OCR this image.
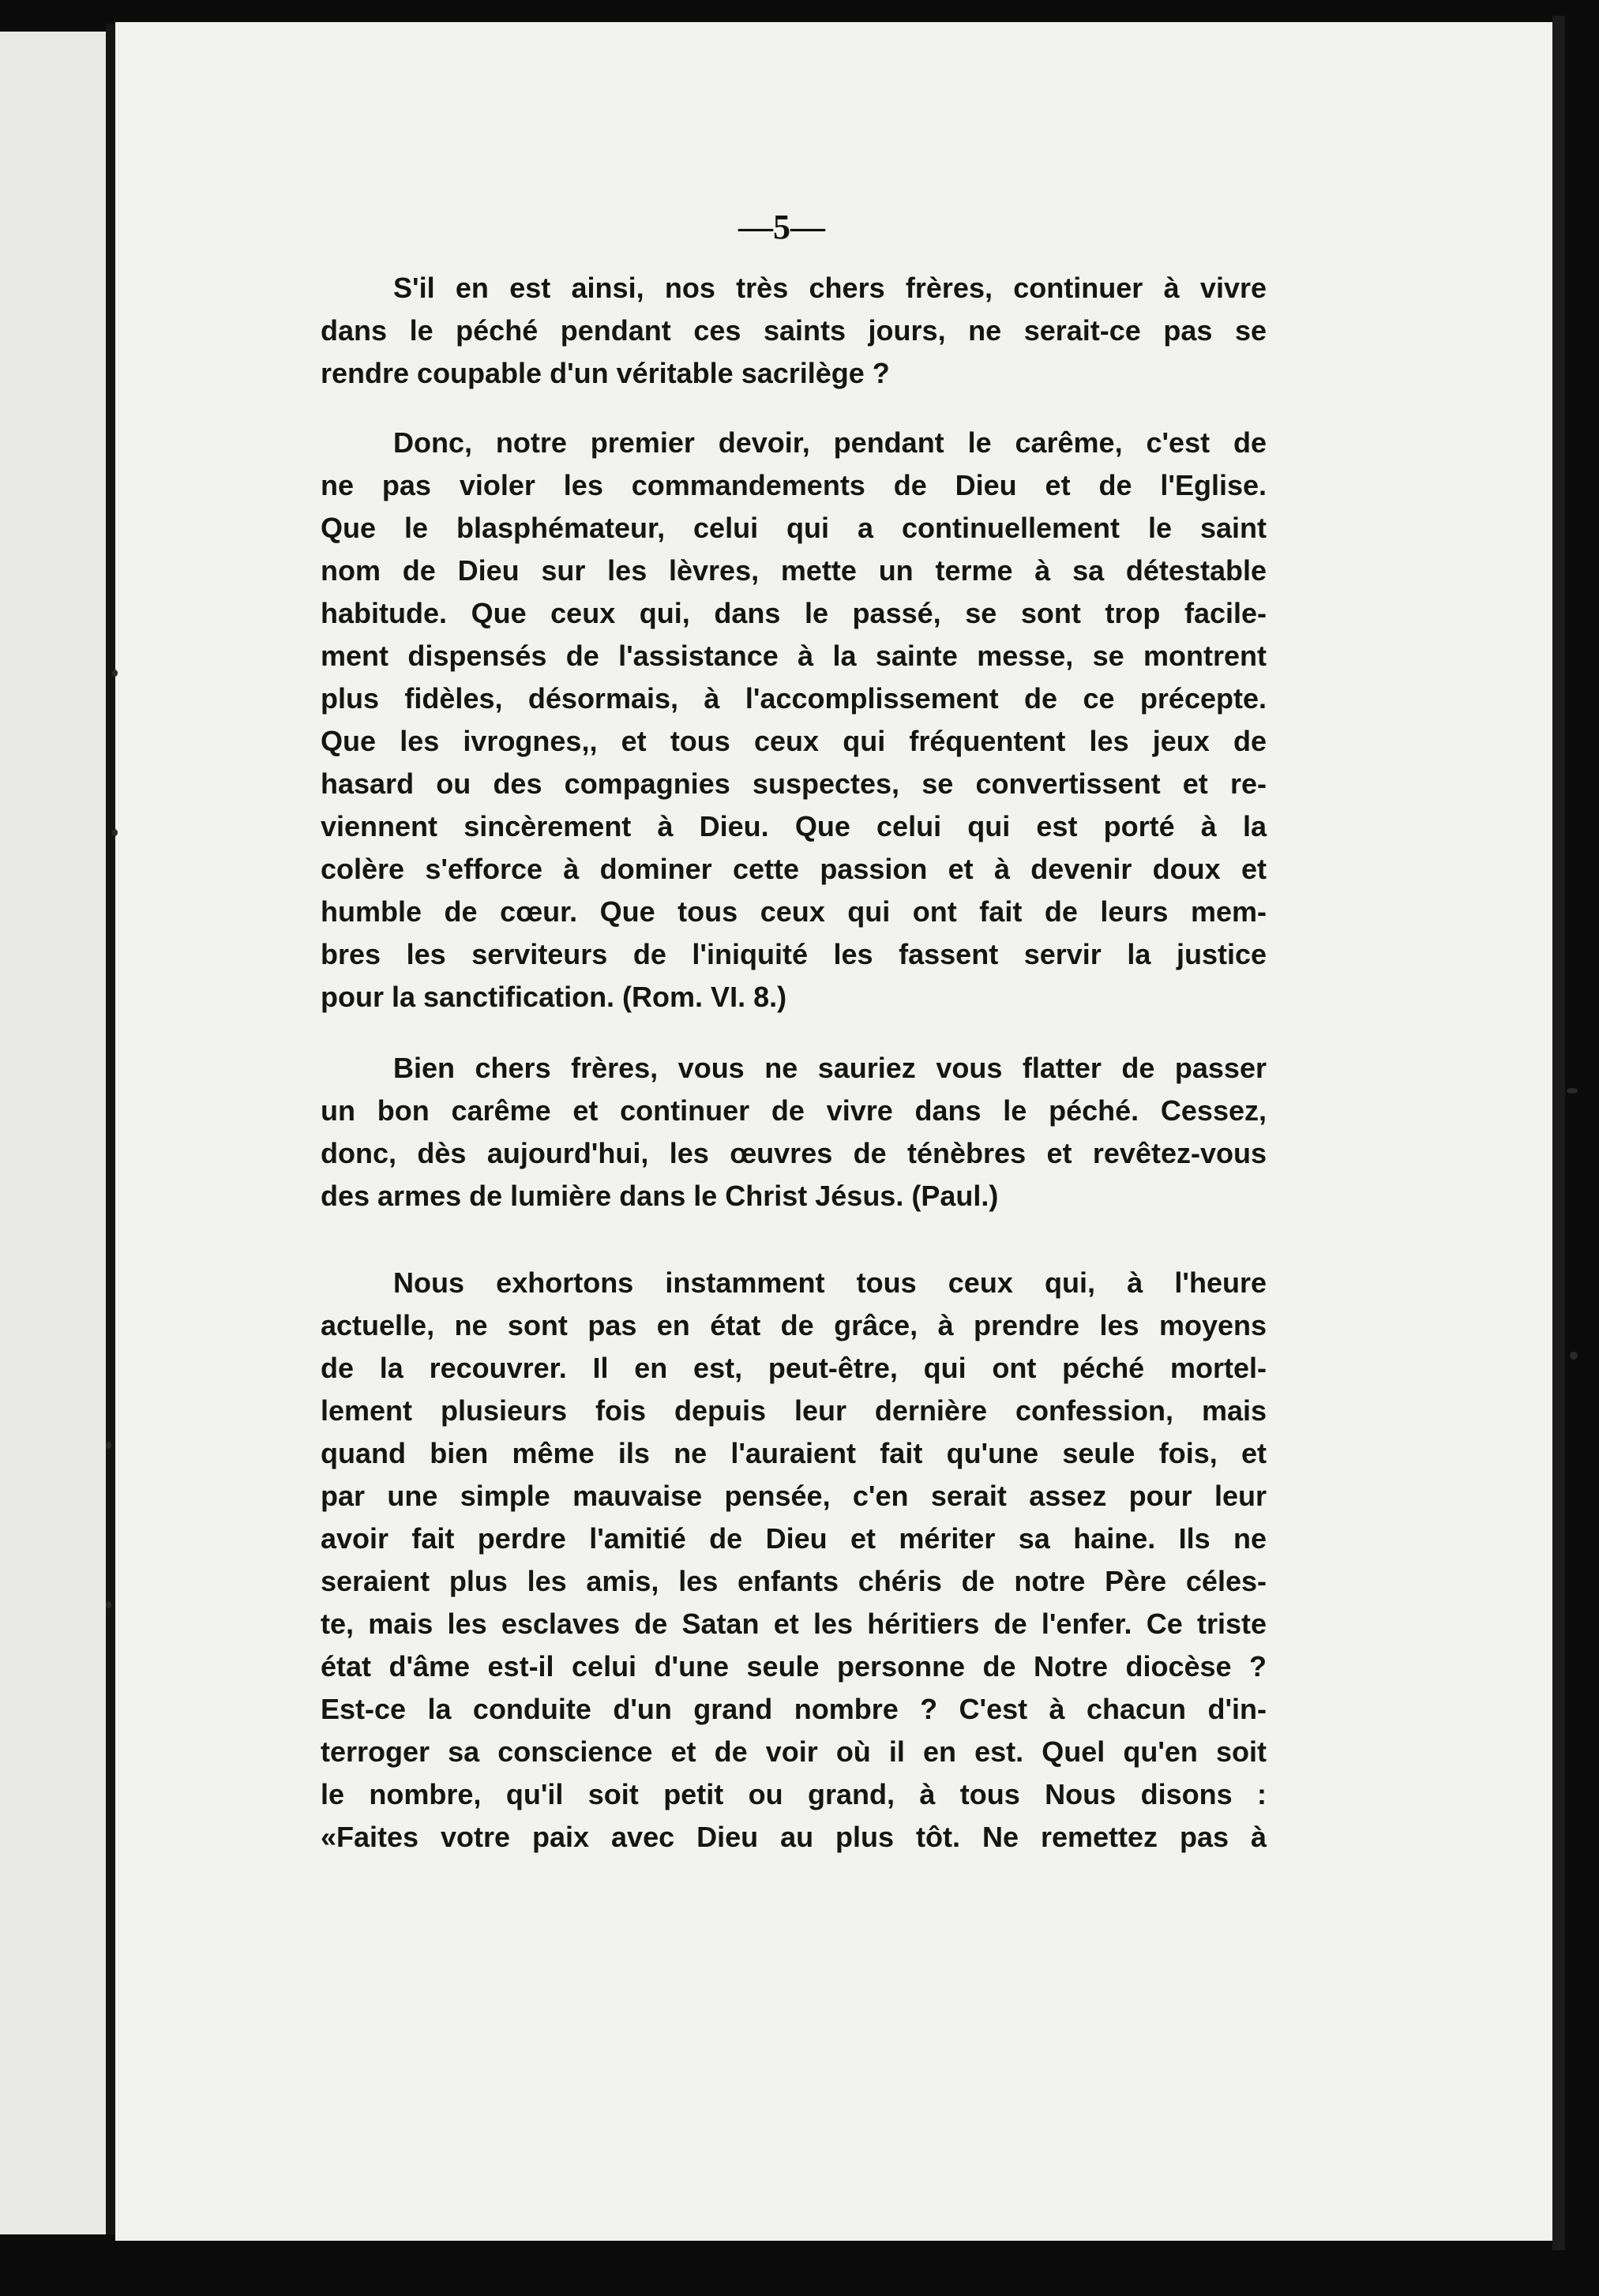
—5—

S'il en est ainsi, nos très chers frères, continuer à vivre
dans le péché pendant ces saints jours, ne serait-ce pas se
rendre coupable d'un véritable sacrilège ?
Donc, notre premier devoir, pendant le carême, c'est de
ne pas violer les commandements de Dieu et de l'Eglise.
Que le blasphémateur, celui qui a continuellement le saint
nom de Dieu sur les lèvres, mette un terme à sa détestable
habitude. Que ceux qui, dans le passé, se sont trop facile-
ment dispensés de l'assistance à la sainte messe, se montrent
plus fidèles, désormais, à l'accomplissement de ce précepte.
Que les ivrognes,, et tous ceux qui fréquentent les jeux de
hasard ou des compagnies suspectes, se convertissent et re-
viennent sincèrement à Dieu. Que celui qui est porté à la
colère s'efforce à dominer cette passion et à devenir doux et
humble de cœur. Que tous ceux qui ont fait de leurs mem-
bres les serviteurs de l'iniquité les fassent servir la justice
pour la sanctification. (Rom. VI. 8.)
Bien chers frères, vous ne sauriez vous flatter de passer
un bon carême et continuer de vivre dans le péché. Cessez,
donc, dès aujourd'hui, les œuvres de ténèbres et revêtez-vous
des armes de lumière dans le Christ Jésus. (Paul.)
Nous exhortons instamment tous ceux qui, à l'heure
actuelle, ne sont pas en état de grâce, à prendre les moyens
de la recouvrer. Il en est, peut-être, qui ont péché mortel-
lement plusieurs fois depuis leur dernière confession, mais
quand bien même ils ne l'auraient fait qu'une seule fois, et
par une simple mauvaise pensée, c'en serait assez pour leur
avoir fait perdre l'amitié de Dieu et mériter sa haine. Ils ne
seraient plus les amis, les enfants chéris de notre Père céles-
te, mais les esclaves de Satan et les héritiers de l'enfer. Ce triste
état d'âme est-il celui d'une seule personne de Notre diocèse ?
Est-ce la conduite d'un grand nombre ? C'est à chacun d'in-
terroger sa conscience et de voir où il en est. Quel qu'en soit
le nombre, qu'il soit petit ou grand, à tous Nous disons :
«Faites votre paix avec Dieu au plus tôt. Ne remettez pas à
